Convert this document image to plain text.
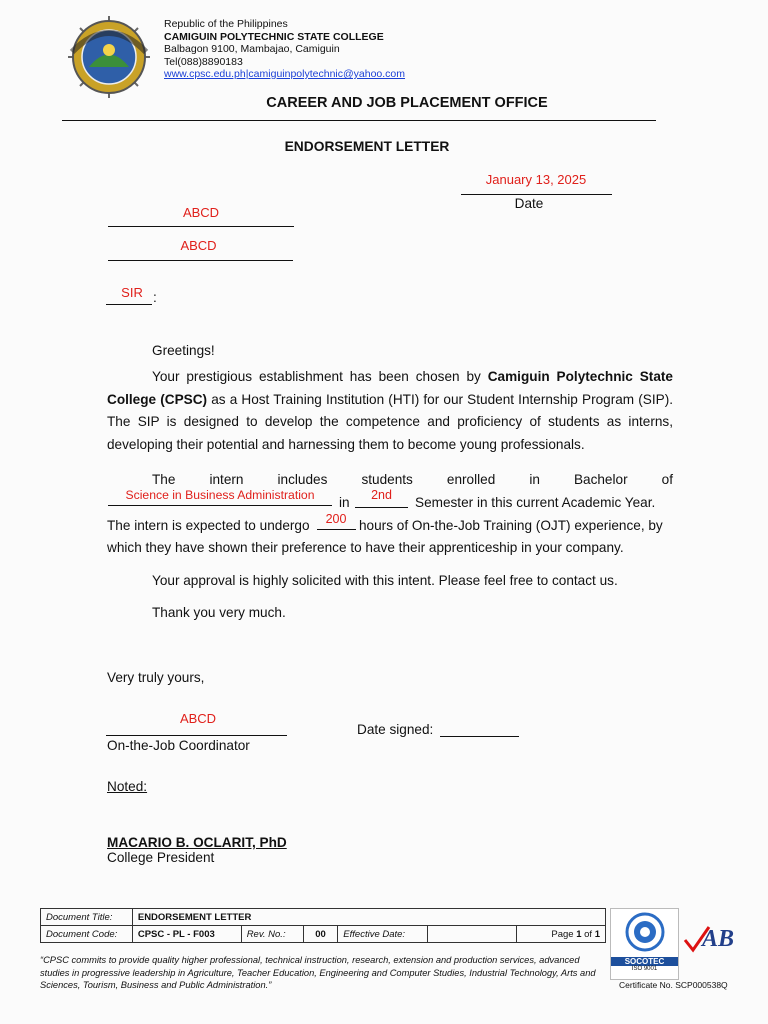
Republic of the Philippines
CAMIGUIN POLYTECHNIC STATE COLLEGE
Balbagon 9100, Mambajao, Camiguin
Tel(088)8890183
www.cpsc.edu.ph|camiguinpolytechnic@yahoo.com
CAREER AND JOB PLACEMENT OFFICE
ENDORSEMENT LETTER
January 13, 2025
Date
ABCD
ABCD
SIR :
Greetings!
Your prestigious establishment has been chosen by Camiguin Polytechnic State College (CPSC) as a Host Training Institution (HTI) for our Student Internship Program (SIP). The SIP is designed to develop the competence and proficiency of students as interns, developing their potential and harnessing them to become young professionals.
The intern includes students enrolled in Bachelor of
Science in Business Administration	in	2nd	Semester in this current Academic Year.
The intern is expected to undergo	200 hours of On-the-Job Training (OJT) experience, by
which they have shown their preference to have their apprenticeship in your company.
Your approval is highly solicited with this intent. Please feel free to contact us.
Thank you very much.
Very truly yours,
ABCD
On-the-Job Coordinator
Date signed:
Noted:
MACARIO B. OCLARIT, PhD
College President
Document Title:	ENDORSEMENT LETTER					
Document Code:	CPSC - PL - F003	Rev. No.:	00	Effective Date:		Page 1 of 1
“CPSC commits to provide quality higher professional, technical instruction, research, extension and production services, advanced studies in progressive leadership in Agriculture, Teacher Education, Engineering and Computer Studies, Industrial Technology, Arts and Sciences, Tourism, Business and Public Administration.”
SOCOTEC
ISO 9001
AB
Certificate No. SCP000538Q
